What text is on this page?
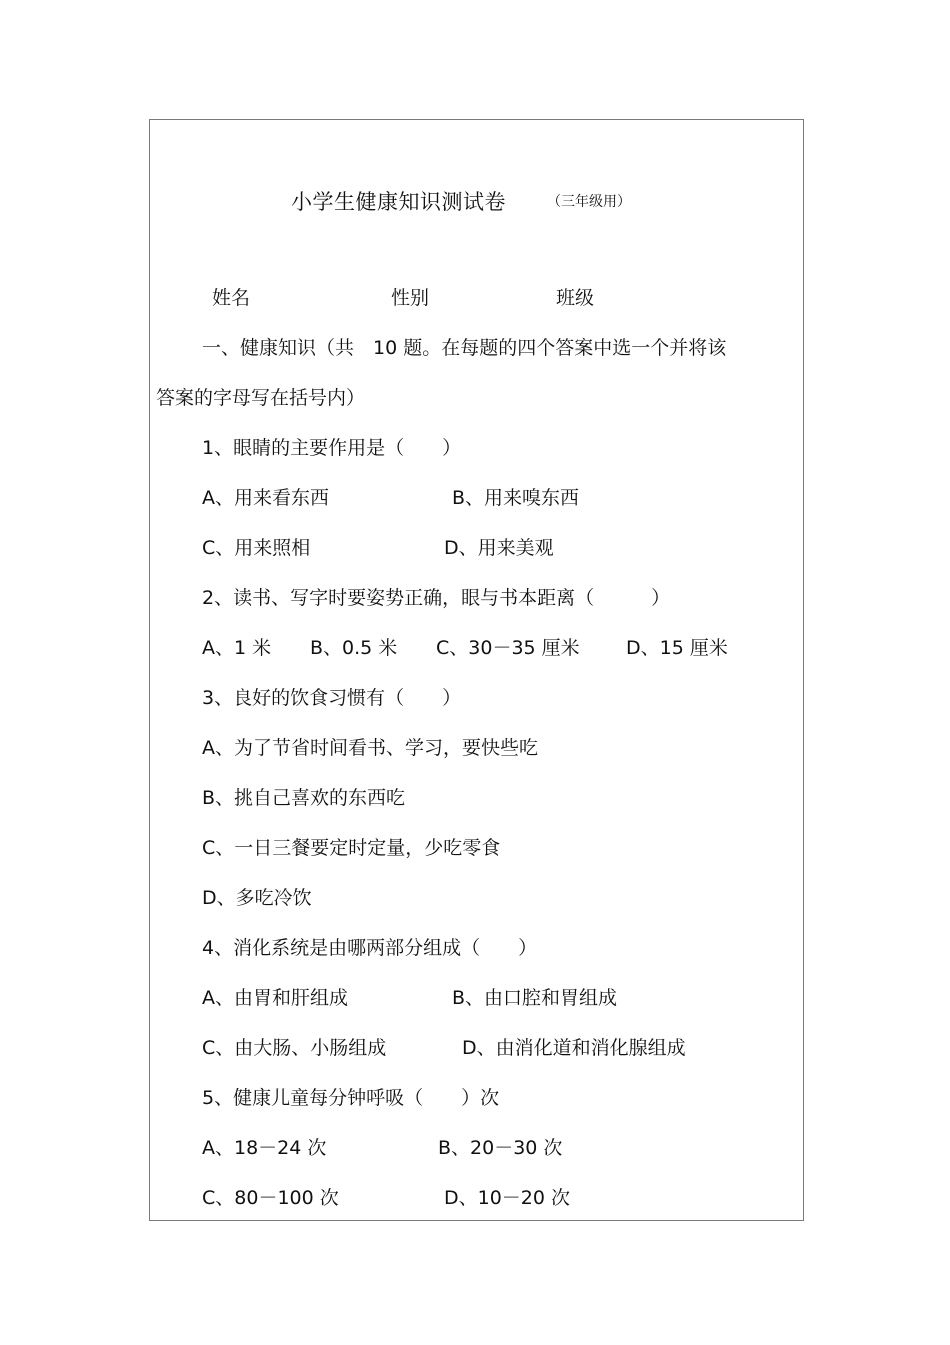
小学生健康知识测试卷	（三年级用）
姓名	性别	班级
一、健康知识（共　10 题。在每题的四个答案中选一个并将该
答案的字母写在括号内）
1、眼睛的主要作用是（　　）
A、用来看东西	B、用来嗅东西
C、用来照相	D、用来美观
2、读书、写字时要姿势正确，眼与书本距离（　　　）
A、1 米 B、0.5 米 C、30－35 厘米 D、15 厘米
3、良好的饮食习惯有（　　）
A、为了节省时间看书、学习，要快些吃
B、挑自己喜欢的东西吃
C、一日三餐要定时定量，少吃零食
D、多吃冷饮
4、消化系统是由哪两部分组成（　　）
A、由胃和肝组成	B、由口腔和胃组成
C、由大肠、小肠组成	D、由消化道和消化腺组成
5、健康儿童每分钟呼吸（　　）次
A、18－24 次	B、20－30 次
C、80－100 次	D、10－20 次
